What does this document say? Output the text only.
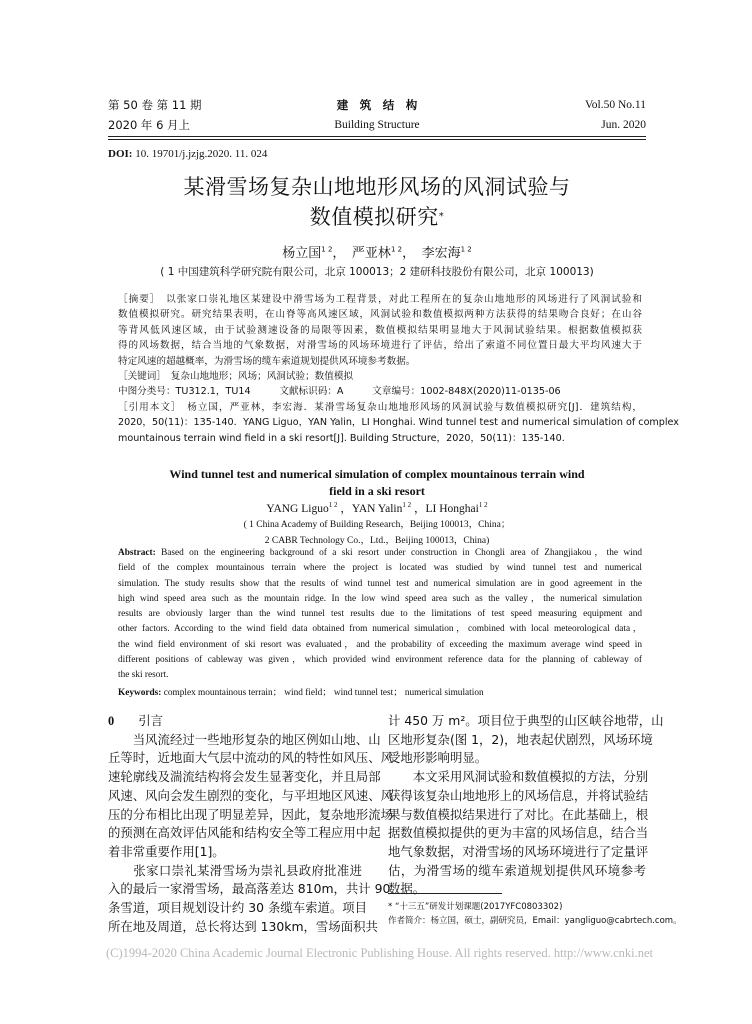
第 50 卷 第 11 期
2020 年 6 月上
建　筑　结　构
Building Structure
Vol.50 No.11
Jun. 2020
DOI: 10. 19701/j.jzjg.2020. 11. 024
某滑雪场复杂山地地形风场的风洞试验与
数值模拟研究*
杨立国$^{1 2}$，　严亚林$^{1 2}$，　李宏海$^{1 2}$
( 1 中国建筑科学研究院有限公司，北京 100013；2 建研科技股份有限公司，北京 100013)
［摘要］　以张家口崇礼地区某建设中滑雪场为工程背景，对此工程所在的复杂山地地形的风场进行了风洞试验和
数值模拟研究。研究结果表明，在山脊等高风速区域，风洞试验和数值模拟两种方法获得的结果吻合良好；在山谷
等背风低风速区域，由于试验测速设备的局限等因素，数值模拟结果明显地大于风洞试验结果。根据数值模拟获
得的风场数据，结合当地的气象数据，对滑雪场的风场环境进行了评估，给出了索道不同位置日最大平均风速大于
特定风速的超越概率，为滑雪场的缆车索道规划提供风环境参考数据。
［关键词］　复杂山地地形；风场；风洞试验；数值模拟
中图分类号：TU312.1，TU14　　　文献标识码：A　　　文章编号：1002-848X(2020)11-0135-06
［引用本文］　杨立国，严亚林，李宏海．某滑雪场复杂山地地形风场的风洞试验与数值模拟研究[J]．建筑结构，
2020，50(11)：135-140．YANG Liguo，YAN Yalin，LI Honghai. Wind tunnel test and numerical simulation of complex
mountainous terrain wind field in a ski resort[J]. Building Structure，2020，50(11)：135-140.
Wind tunnel test and numerical simulation of complex mountainous terrain wind
field in a ski resort
YANG Liguo$^{1 2}$ ，YAN Yalin$^{1 2}$ ，LI Honghai$^{1 2}$
( 1 China Academy of Building Research，Beijing 100013，China；
2 CABR Technology Co.，Ltd.，Beijing 100013，China)
Abstract: Based on the engineering background of a ski resort under construction in Chongli area of Zhangjiakou，the wind
field of the complex mountainous terrain where the project is located was studied by wind tunnel test and numerical
simulation. The study results show that the results of wind tunnel test and numerical simulation are in good agreement in the
high wind speed area such as the mountain ridge. In the low wind speed area such as the valley，the numerical simulation
results are obviously larger than the wind tunnel test results due to the limitations of test speed measuring equipment and
other factors. According to the wind field data obtained from numerical simulation，combined with local meteorological data，
the wind field environment of ski resort was evaluated，and the probability of exceeding the maximum average wind speed in
different positions of cableway was given，which provided wind environment reference data for the planning of cableway of
the ski resort.
Keywords: complex mountainous terrain； wind field； wind tunnel test； numerical simulation
0 引言
　　当风流经过一些地形复杂的地区例如山地、山
丘等时，近地面大气层中流动的风的特性如风压、风
速轮廓线及湍流结构将会发生显著变化，并且局部
风速、风向会发生剧烈的变化，与平坦地区风速、风
压的分布相比出现了明显差异，因此，复杂地形流场
的预测在高效评估风能和结构安全等工程应用中起
着非常重要作用[1]。
　　张家口崇礼某滑雪场为崇礼县政府批准进
入的最后一家滑雪场，最高落差达 810m，共计 90
条雪道，项目规划设计约 30 条缆车索道。项目
所在地及周道，总长将达到 130km，雪场面积共
计 450 万 m²。项目位于典型的山区峡谷地带，山
区地形复杂(图 1，2)，地表起伏剧烈，风场环境
受地形影响明显。
　　本文采用风洞试验和数值模拟的方法，分别
获得该复杂山地地形上的风场信息，并将试验结
果与数值模拟结果进行了对比。在此基础上，根
据数值模拟提供的更为丰富的风场信息，结合当
地气象数据，对滑雪场的风场环境进行了定量评
估，为滑雪场的缆车索道规划提供风环境参考
数据。
* “十三五”研发计划课题(2017YFC0803302)
作者简介：杨立国，硕士，副研究员，Email：yangliguo@cabrtech.com。
(C)1994-2020 China Academic Journal Electronic Publishing House. All rights reserved. http://www.cnki.net
